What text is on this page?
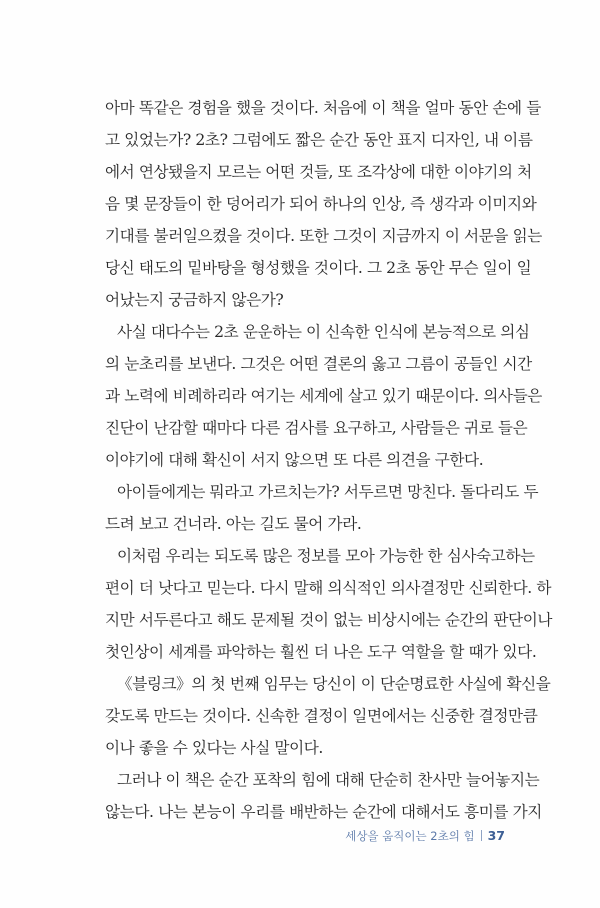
아마 똑같은 경험을 했을 것이다. 처음에 이 책을 얼마 동안 손에 들
고 있었는가? 2초? 그럼에도 짧은 순간 동안 표지 디자인, 내 이름
에서 연상됐을지 모르는 어떤 것들, 또 조각상에 대한 이야기의 처
음 몇 문장들이 한 덩어리가 되어 하나의 인상, 즉 생각과 이미지와
기대를 불러일으켰을 것이다. 또한 그것이 지금까지 이 서문을 읽는
당신 태도의 밑바탕을 형성했을 것이다. 그 2초 동안 무슨 일이 일
어났는지 궁금하지 않은가?
사실 대다수는 2초 운운하는 이 신속한 인식에 본능적으로 의심
의 눈초리를 보낸다. 그것은 어떤 결론의 옳고 그름이 공들인 시간
과 노력에 비례하리라 여기는 세계에 살고 있기 때문이다. 의사들은
진단이 난감할 때마다 다른 검사를 요구하고, 사람들은 귀로 들은
이야기에 대해 확신이 서지 않으면 또 다른 의견을 구한다.
아이들에게는 뭐라고 가르치는가? 서두르면 망친다. 돌다리도 두
드려 보고 건너라. 아는 길도 물어 가라.
이처럼 우리는 되도록 많은 정보를 모아 가능한 한 심사숙고하는
편이 더 낫다고 믿는다. 다시 말해 의식적인 의사결정만 신뢰한다. 하
지만 서두른다고 해도 문제될 것이 없는 비상시에는 순간의 판단이나
첫인상이 세계를 파악하는 훨씬 더 나은 도구 역할을 할 때가 있다.
《블링크》의 첫 번째 임무는 당신이 이 단순명료한 사실에 확신을
갖도록 만드는 것이다. 신속한 결정이 일면에서는 신중한 결정만큼
이나 좋을 수 있다는 사실 말이다.
그러나 이 책은 순간 포착의 힘에 대해 단순히 찬사만 늘어놓지는
않는다. 나는 본능이 우리를 배반하는 순간에 대해서도 흥미를 가지
세상을 움직이는 2초의 힘 37
